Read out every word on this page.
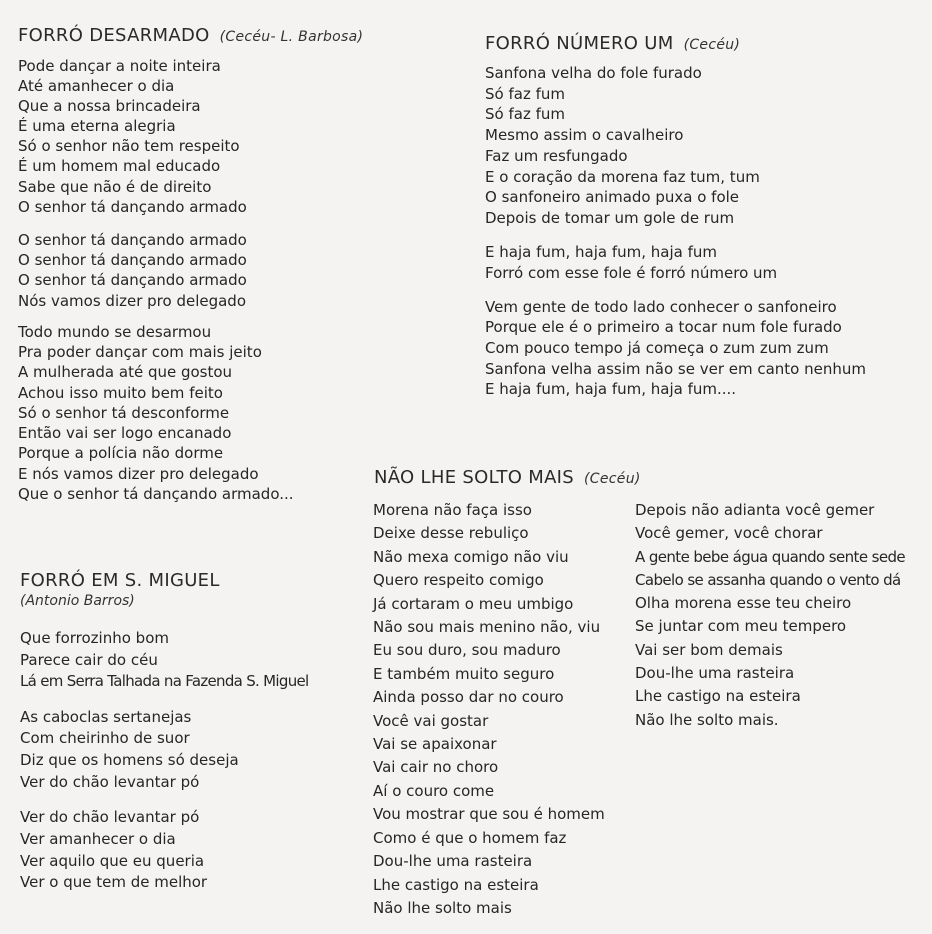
FORRÓ DESARMADO (Cecéu- L. Barbosa)
Pode dançar a noite inteira
Até amanhecer o dia
Que a nossa brincadeira
É uma eterna alegria
Só o senhor não tem respeito
É um homem mal educado
Sabe que não é de direito
O senhor tá dançando armado
O senhor tá dançando armado
O senhor tá dançando armado
O senhor tá dançando armado
Nós vamos dizer pro delegado
Todo mundo se desarmou
Pra poder dançar com mais jeito
A mulherada até que gostou
Achou isso muito bem feito
Só o senhor tá desconforme
Então vai ser logo encanado
Porque a polícia não dorme
E nós vamos dizer pro delegado
Que o senhor tá dançando armado...
FORRÓ NÚMERO UM (Cecéu)
Sanfona velha do fole furado
Só faz fum
Só faz fum
Mesmo assim o cavalheiro
Faz um resfungado
E o coração da morena faz tum, tum
O sanfoneiro animado puxa o fole
Depois de tomar um gole de rum
E haja fum, haja fum, haja fum
Forró com esse fole é forró número um
Vem gente de todo lado conhecer o sanfoneiro
Porque ele é o primeiro a tocar num fole furado
Com pouco tempo já começa o zum zum zum
Sanfona velha assim não se ver em canto nenhum
E haja fum, haja fum, haja fum....
FORRÓ EM S. MIGUEL
(Antonio Barros)
Que forrozinho bom
Parece cair do céu
Lá em Serra Talhada na Fazenda S. Miguel
As caboclas sertanejas
Com cheirinho de suor
Diz que os homens só deseja
Ver do chão levantar pó
Ver do chão levantar pó
Ver amanhecer o dia
Ver aquilo que eu queria
Ver o que tem de melhor
NÃO LHE SOLTO MAIS (Cecéu)
Morena não faça isso
Deixe desse rebuliço
Não mexa comigo não viu
Quero respeito comigo
Já cortaram o meu umbigo
Não sou mais menino não, viu
Eu sou duro, sou maduro
E também muito seguro
Ainda posso dar no couro
Você vai gostar
Vai se apaixonar
Vai cair no choro
Aí o couro come
Vou mostrar que sou é homem
Como é que o homem faz
Dou-lhe uma rasteira
Lhe castigo na esteira
Não lhe solto mais
Depois não adianta você gemer
Você gemer, você chorar
A gente bebe água quando sente sede
Cabelo se assanha quando o vento dá
Olha morena esse teu cheiro
Se juntar com meu tempero
Vai ser bom demais
Dou-lhe uma rasteira
Lhe castigo na esteira
Não lhe solto mais.
